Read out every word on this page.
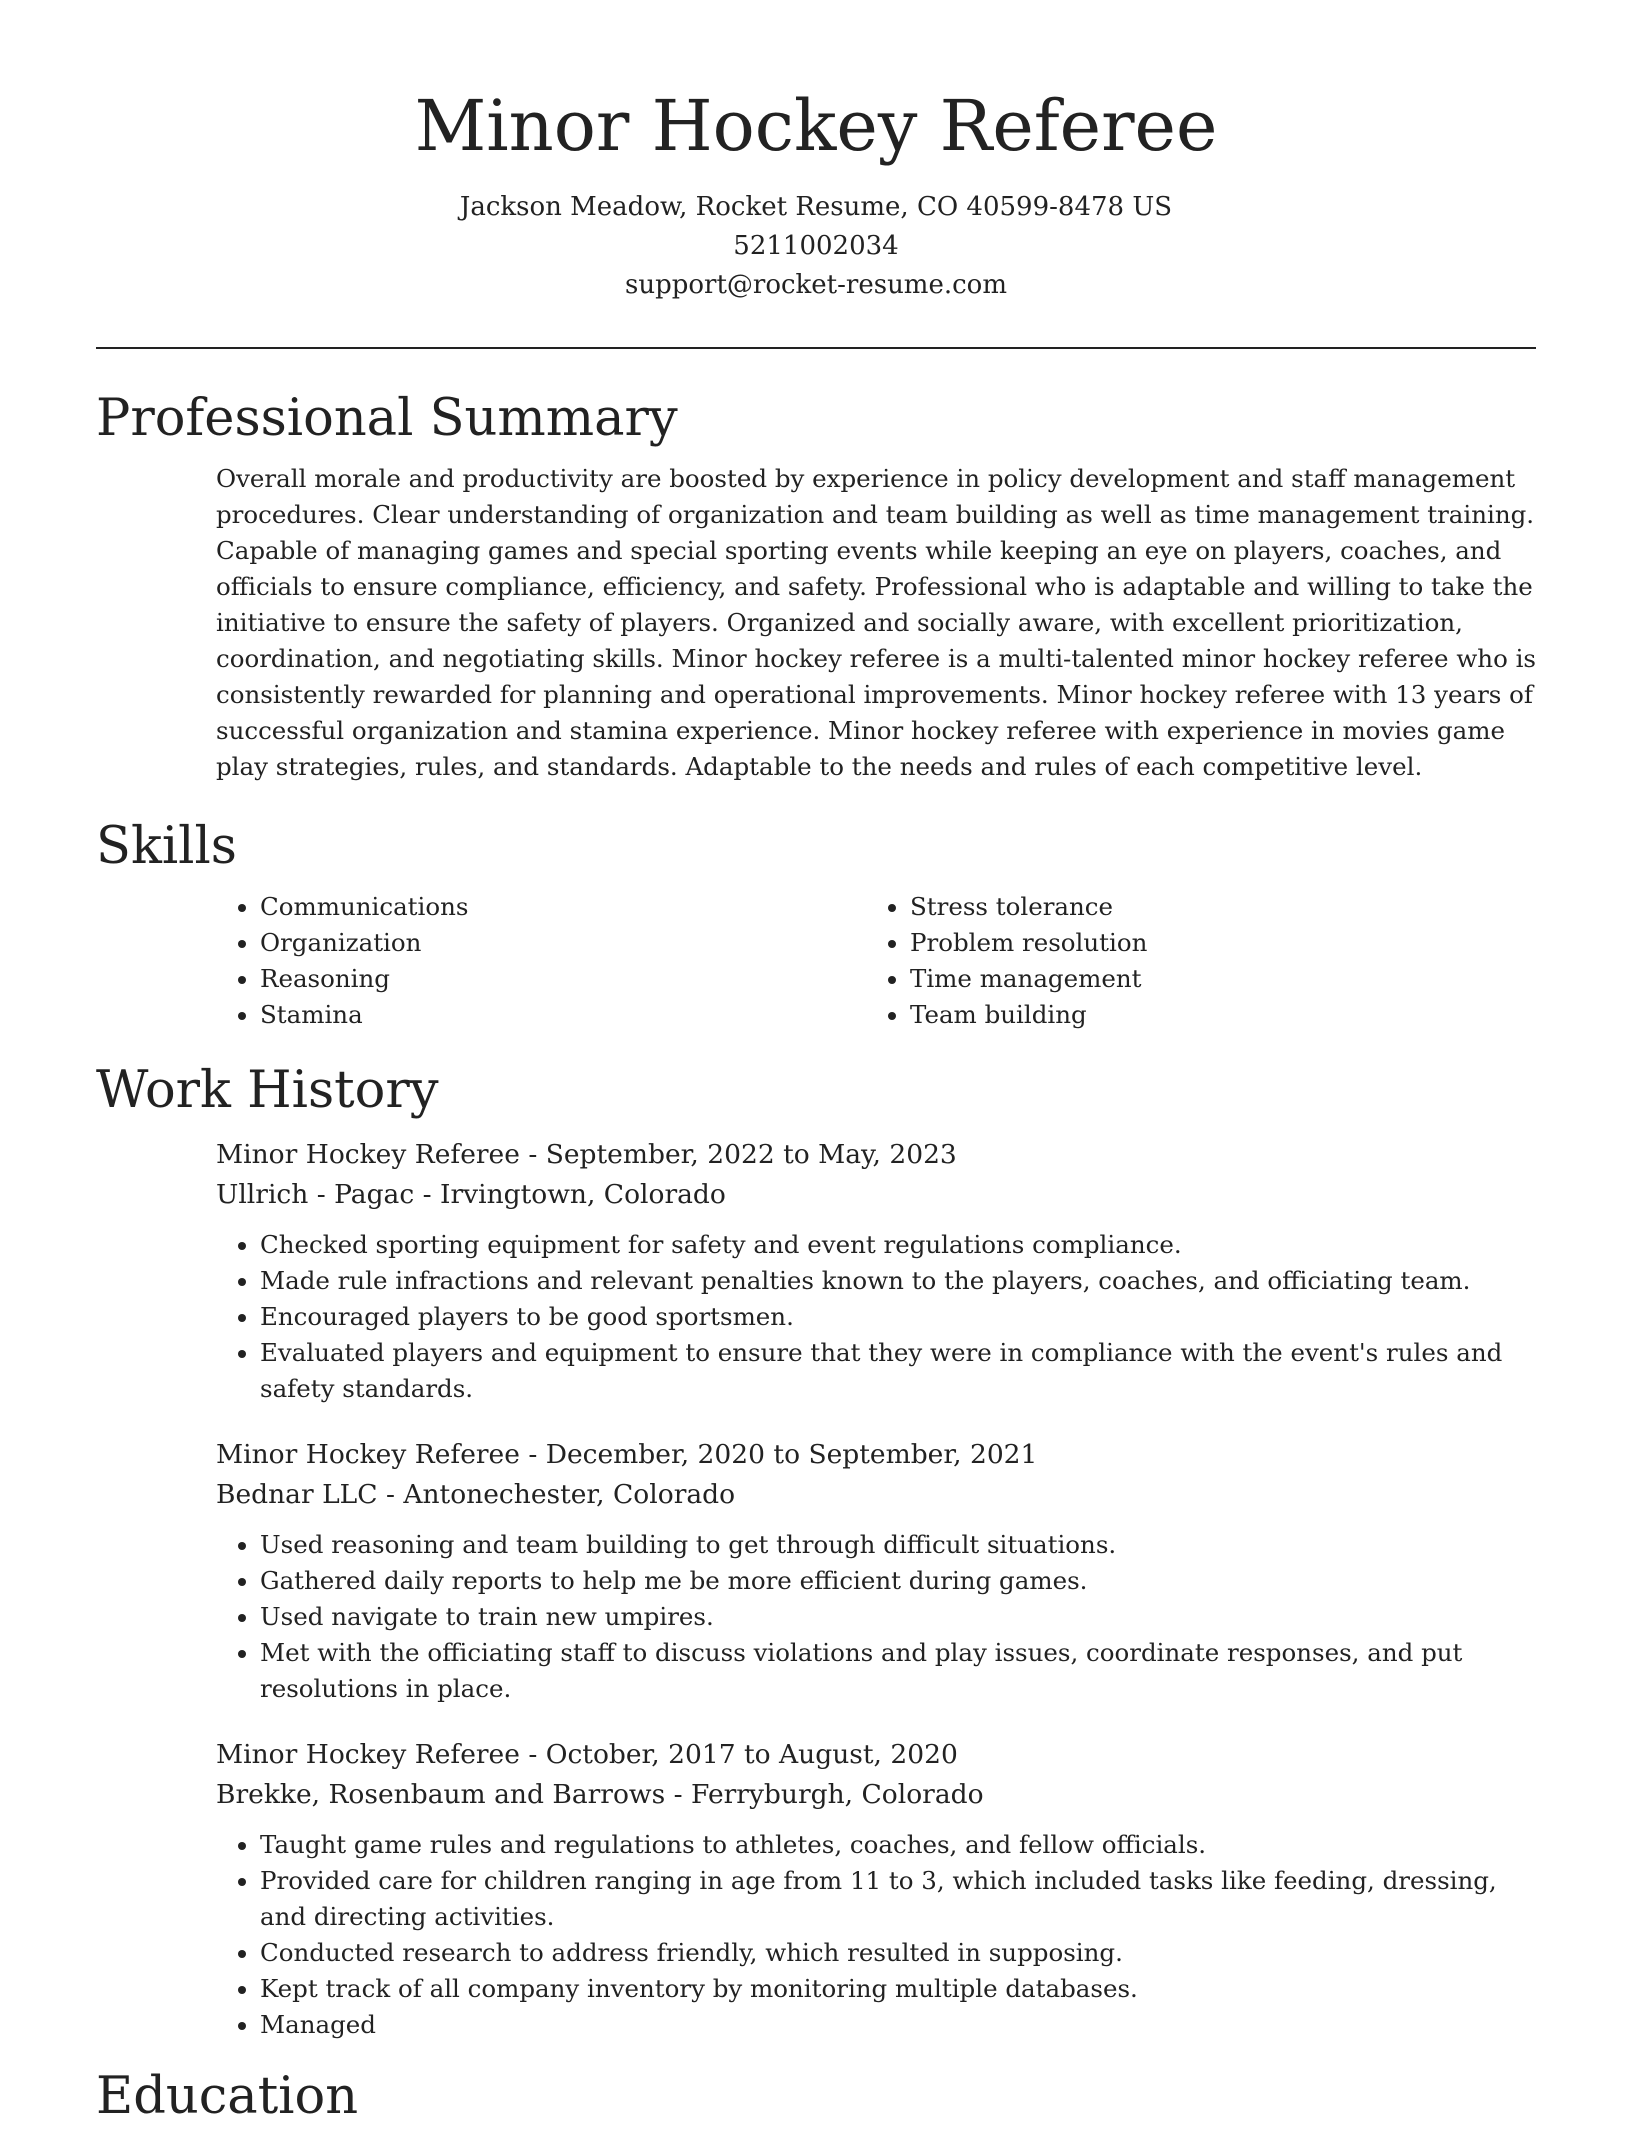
Minor Hockey Referee
Jackson Meadow, Rocket Resume, CO 40599-8478 US
5211002034
support@rocket-resume.com
Professional Summary
Overall morale and productivity are boosted by experience in policy development and staff management procedures. Clear understanding of organization and team building as well as time management training. Capable of managing games and special sporting events while keeping an eye on players, coaches, and officials to ensure compliance, efficiency, and safety. Professional who is adaptable and willing to take the initiative to ensure the safety of players. Organized and socially aware, with excellent prioritization, coordination, and negotiating skills. Minor hockey referee is a multi-talented minor hockey referee who is consistently rewarded for planning and operational improvements. Minor hockey referee with 13 years of successful organization and stamina experience. Minor hockey referee with experience in movies game play strategies, rules, and standards. Adaptable to the needs and rules of each competitive level.
Skills
• Communications
• Organization
• Reasoning
• Stamina
• Stress tolerance
• Problem resolution
• Time management
• Team building
Work History
Minor Hockey Referee - September, 2022 to May, 2023
Ullrich - Pagac - Irvingtown, Colorado
• Checked sporting equipment for safety and event regulations compliance.
• Made rule infractions and relevant penalties known to the players, coaches, and officiating team.
• Encouraged players to be good sportsmen.
• Evaluated players and equipment to ensure that they were in compliance with the event's rules and safety standards.
Minor Hockey Referee - December, 2020 to September, 2021
Bednar LLC - Antonechester, Colorado
• Used reasoning and team building to get through difficult situations.
• Gathered daily reports to help me be more efficient during games.
• Used navigate to train new umpires.
• Met with the officiating staff to discuss violations and play issues, coordinate responses, and put resolutions in place.
Minor Hockey Referee - October, 2017 to August, 2020
Brekke, Rosenbaum and Barrows - Ferryburgh, Colorado
• Taught game rules and regulations to athletes, coaches, and fellow officials.
• Provided care for children ranging in age from 11 to 3, which included tasks like feeding, dressing, and directing activities.
• Conducted research to address friendly, which resulted in supposing.
• Kept track of all company inventory by monitoring multiple databases.
• Managed
Education
